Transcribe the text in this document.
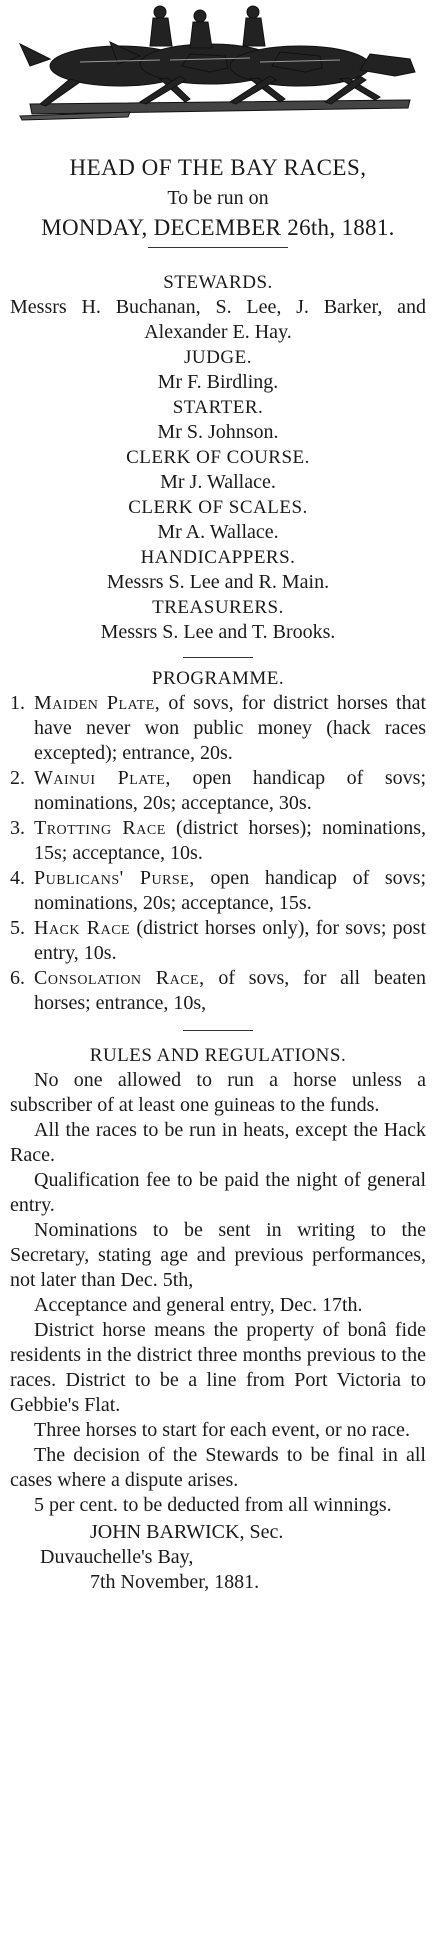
HEAD OF THE BAY RACES,
To be run on
MONDAY, DECEMBER 26th, 1881.
STEWARDS.
Messrs H. Buchanan, S. Lee, J. Barker, and Alexander E. Hay.
JUDGE.
Mr F. Birdling.
STARTER.
Mr S. Johnson.
CLERK OF COURSE.
Mr J. Wallace.
CLERK OF SCALES.
Mr A. Wallace.
HANDICAPPERS.
Messrs S. Lee and R. Main.
TREASURERS.
Messrs S. Lee and T. Brooks.
PROGRAMME.
1. Maiden Plate, of sovs, for district horses that have never won public money (hack races excepted); entrance, 20s.
2. Wainui Plate, open handicap of sovs; nominations, 20s; acceptance, 30s.
3. Trotting Race (district horses); nominations, 15s; acceptance, 10s.
4. Publicans' Purse, open handicap of sovs; nominations, 20s; acceptance, 15s.
5. Hack Race (district horses only), for sovs; post entry, 10s.
6. Consolation Race, of sovs, for all beaten horses; entrance, 10s,
RULES AND REGULATIONS.
No one allowed to run a horse unless a subscriber of at least one guineas to the funds.
All the races to be run in heats, except the Hack Race.
Qualification fee to be paid the night of general entry.
Nominations to be sent in writing to the Secretary, stating age and previous performances, not later than Dec. 5th,
Acceptance and general entry, Dec. 17th.
District horse means the property of bonâ fide residents in the district three months previous to the races. District to be a line from Port Victoria to Gebbie's Flat.
Three horses to start for each event, or no race.
The decision of the Stewards to be final in all cases where a dispute arises.
5 per cent. to be deducted from all winnings.
JOHN BARWICK, Sec.
Duvauchelle's Bay,
7th November, 1881.
